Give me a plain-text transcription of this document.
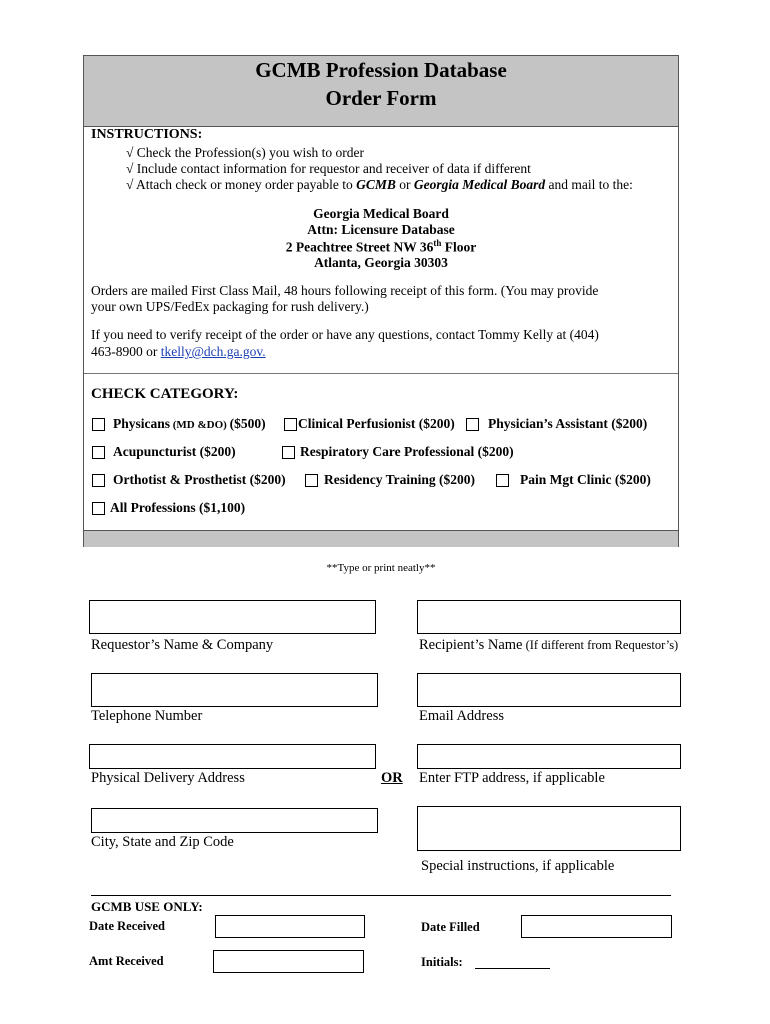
GCMB Profession Database
Order Form
INSTRUCTIONS:
√ Check the Profession(s) you wish to order
√ Include contact information for requestor and receiver of data if different
√ Attach check or money order payable to GCMB or Georgia Medical Board and mail to the:
Georgia Medical Board
Attn: Licensure Database
2 Peachtree Street NW 36th Floor
Atlanta, Georgia 30303
Orders are mailed First Class Mail, 48 hours following receipt of this form. (You may provide
your own UPS/FedEx packaging for rush delivery.)
If you need to verify receipt of the order or have any questions, contact Tommy Kelly at (404)
463-8900 or tkelly@dch.ga.gov.
CHECK CATEGORY:
Physicans (MD &DO) ($500) Clinical Perfusionist ($200) Physician’s Assistant ($200)
Acupuncturist ($200)	Respiratory Care Professional ($200)
Orthotist & Prosthetist ($200)	Residency Training ($200)	Pain Mgt Clinic ($200)
All Professions ($1,100)
**Type or print neatly**
Requestor’s Name & Company	Recipient’s Name (If different from Requestor’s)
Telephone Number	Email Address
Physical Delivery Address	OR Enter FTP address, if applicable
City, State and Zip Code
Special instructions, if applicable
GCMB USE ONLY:
Date Received	Date Filled
Amt Received	Initials:
